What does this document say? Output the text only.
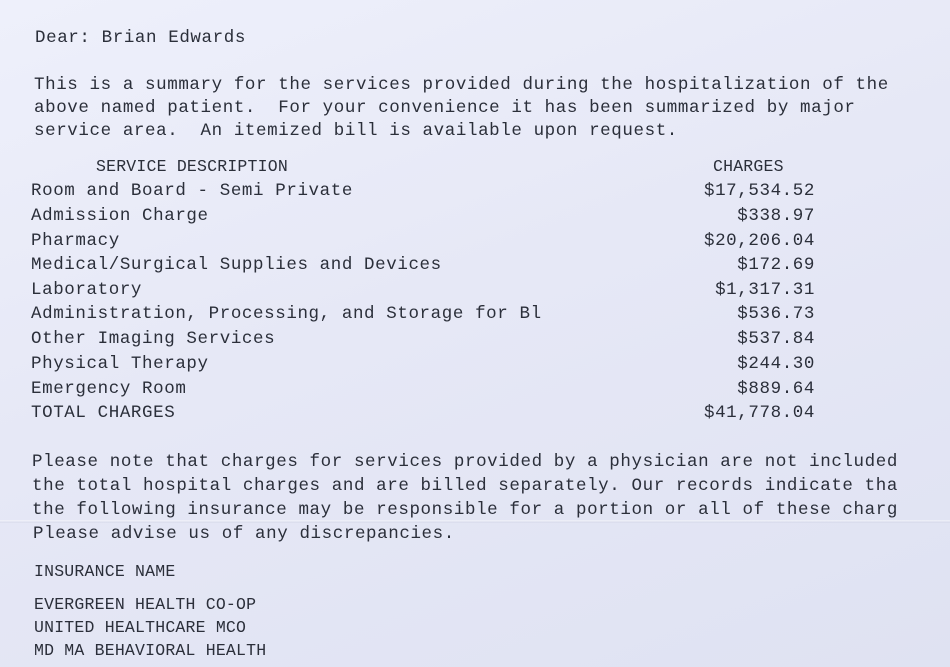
Dear: Brian Edwards
This is a summary for the services provided during the hospitalization of the
above named patient.  For your convenience it has been summarized by major
service area.  An itemized bill is available upon request.
SERVICE DESCRIPTION	CHARGES
Room and Board - Semi Private	$17,534.52
Admission Charge	$338.97
Pharmacy	$20,206.04
Medical/Surgical Supplies and Devices	$172.69
Laboratory	$1,317.31
Administration, Processing, and Storage for Bl	$536.73
Other Imaging Services	$537.84
Physical Therapy	$244.30
Emergency Room	$889.64
TOTAL CHARGES	$41,778.04
Please note that charges for services provided by a physician are not included
the total hospital charges and are billed separately. Our records indicate tha
the following insurance may be responsible for a portion or all of these charg
Please advise us of any discrepancies.
INSURANCE NAME
EVERGREEN HEALTH CO-OP
UNITED HEALTHCARE MCO
MD MA BEHAVIORAL HEALTH
